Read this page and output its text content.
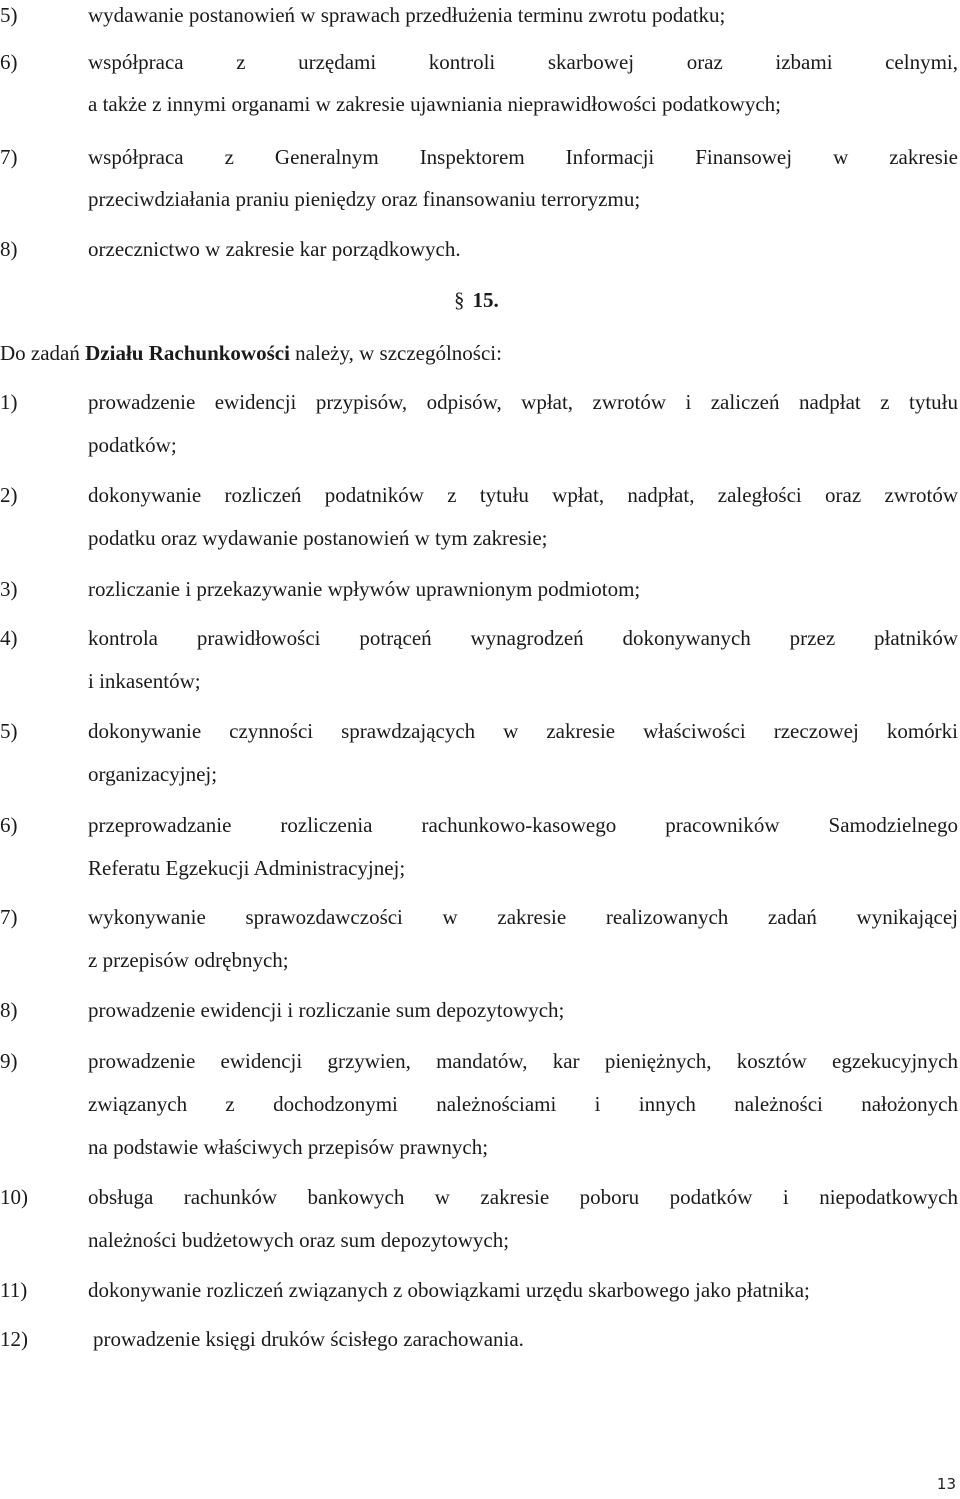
5)	wydawanie postanowień w sprawach przedłużenia terminu zwrotu podatku;
6)	współpraca z urzędami kontroli skarbowej oraz izbami celnymi,
a także z innymi organami w zakresie ujawniania nieprawidłowości podatkowych;
7)	współpraca z Generalnym Inspektorem Informacji Finansowej w zakresie
przeciwdziałania praniu pieniędzy oraz finansowaniu terroryzmu;
8)	orzecznictwo w zakresie kar porządkowych.
§ 15.
Do zadań Działu Rachunkowości należy, w szczególności:
1)	prowadzenie ewidencji przypisów, odpisów, wpłat, zwrotów i zaliczeń nadpłat z tytułu
podatków;
2)	dokonywanie rozliczeń podatników z tytułu wpłat, nadpłat, zaległości oraz zwrotów
podatku oraz wydawanie postanowień w tym zakresie;
3)	rozliczanie i przekazywanie wpływów uprawnionym podmiotom;
4)	kontrola prawidłowości potrąceń wynagrodzeń dokonywanych przez płatników
i inkasentów;
5)	dokonywanie czynności sprawdzających w zakresie właściwości rzeczowej komórki
organizacyjnej;
6)	przeprowadzanie rozliczenia rachunkowo-kasowego pracowników Samodzielnego
Referatu Egzekucji Administracyjnej;
7)	wykonywanie sprawozdawczości w zakresie realizowanych zadań wynikającej
z przepisów odrębnych;
8)	prowadzenie ewidencji i rozliczanie sum depozytowych;
9)	prowadzenie ewidencji grzywien, mandatów, kar pieniężnych, kosztów egzekucyjnych
związanych z dochodzonymi należnościami i innych należności nałożonych
na podstawie właściwych przepisów prawnych;
10)	obsługa rachunków bankowych w zakresie poboru podatków i niepodatkowych
należności budżetowych oraz sum depozytowych;
11)	dokonywanie rozliczeń związanych z obowiązkami urzędu skarbowego jako płatnika;
12)	prowadzenie księgi druków ścisłego zarachowania.
13
